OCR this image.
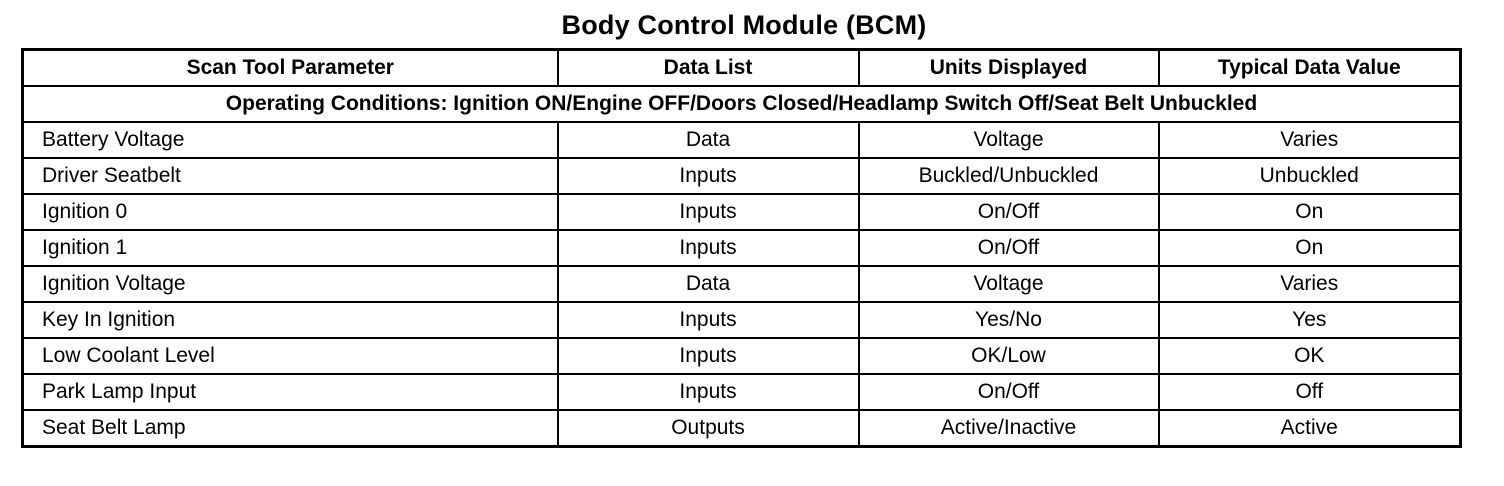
Body Control Module (BCM)
Scan Tool Parameter	Data List	Units Displayed	Typical Data Value
Operating Conditions: Ignition ON/Engine OFF/Doors Closed/Headlamp Switch Off/Seat Belt Unbuckled			
Battery Voltage	Data	Voltage	Varies
Driver Seatbelt	Inputs	Buckled/Unbuckled	Unbuckled
Ignition 0	Inputs	On/Off	On
Ignition 1	Inputs	On/Off	On
Ignition Voltage	Data	Voltage	Varies
Key In Ignition	Inputs	Yes/No	Yes
Low Coolant Level	Inputs	OK/Low	OK
Park Lamp Input	Inputs	On/Off	Off
Seat Belt Lamp	Outputs	Active/Inactive	Active
